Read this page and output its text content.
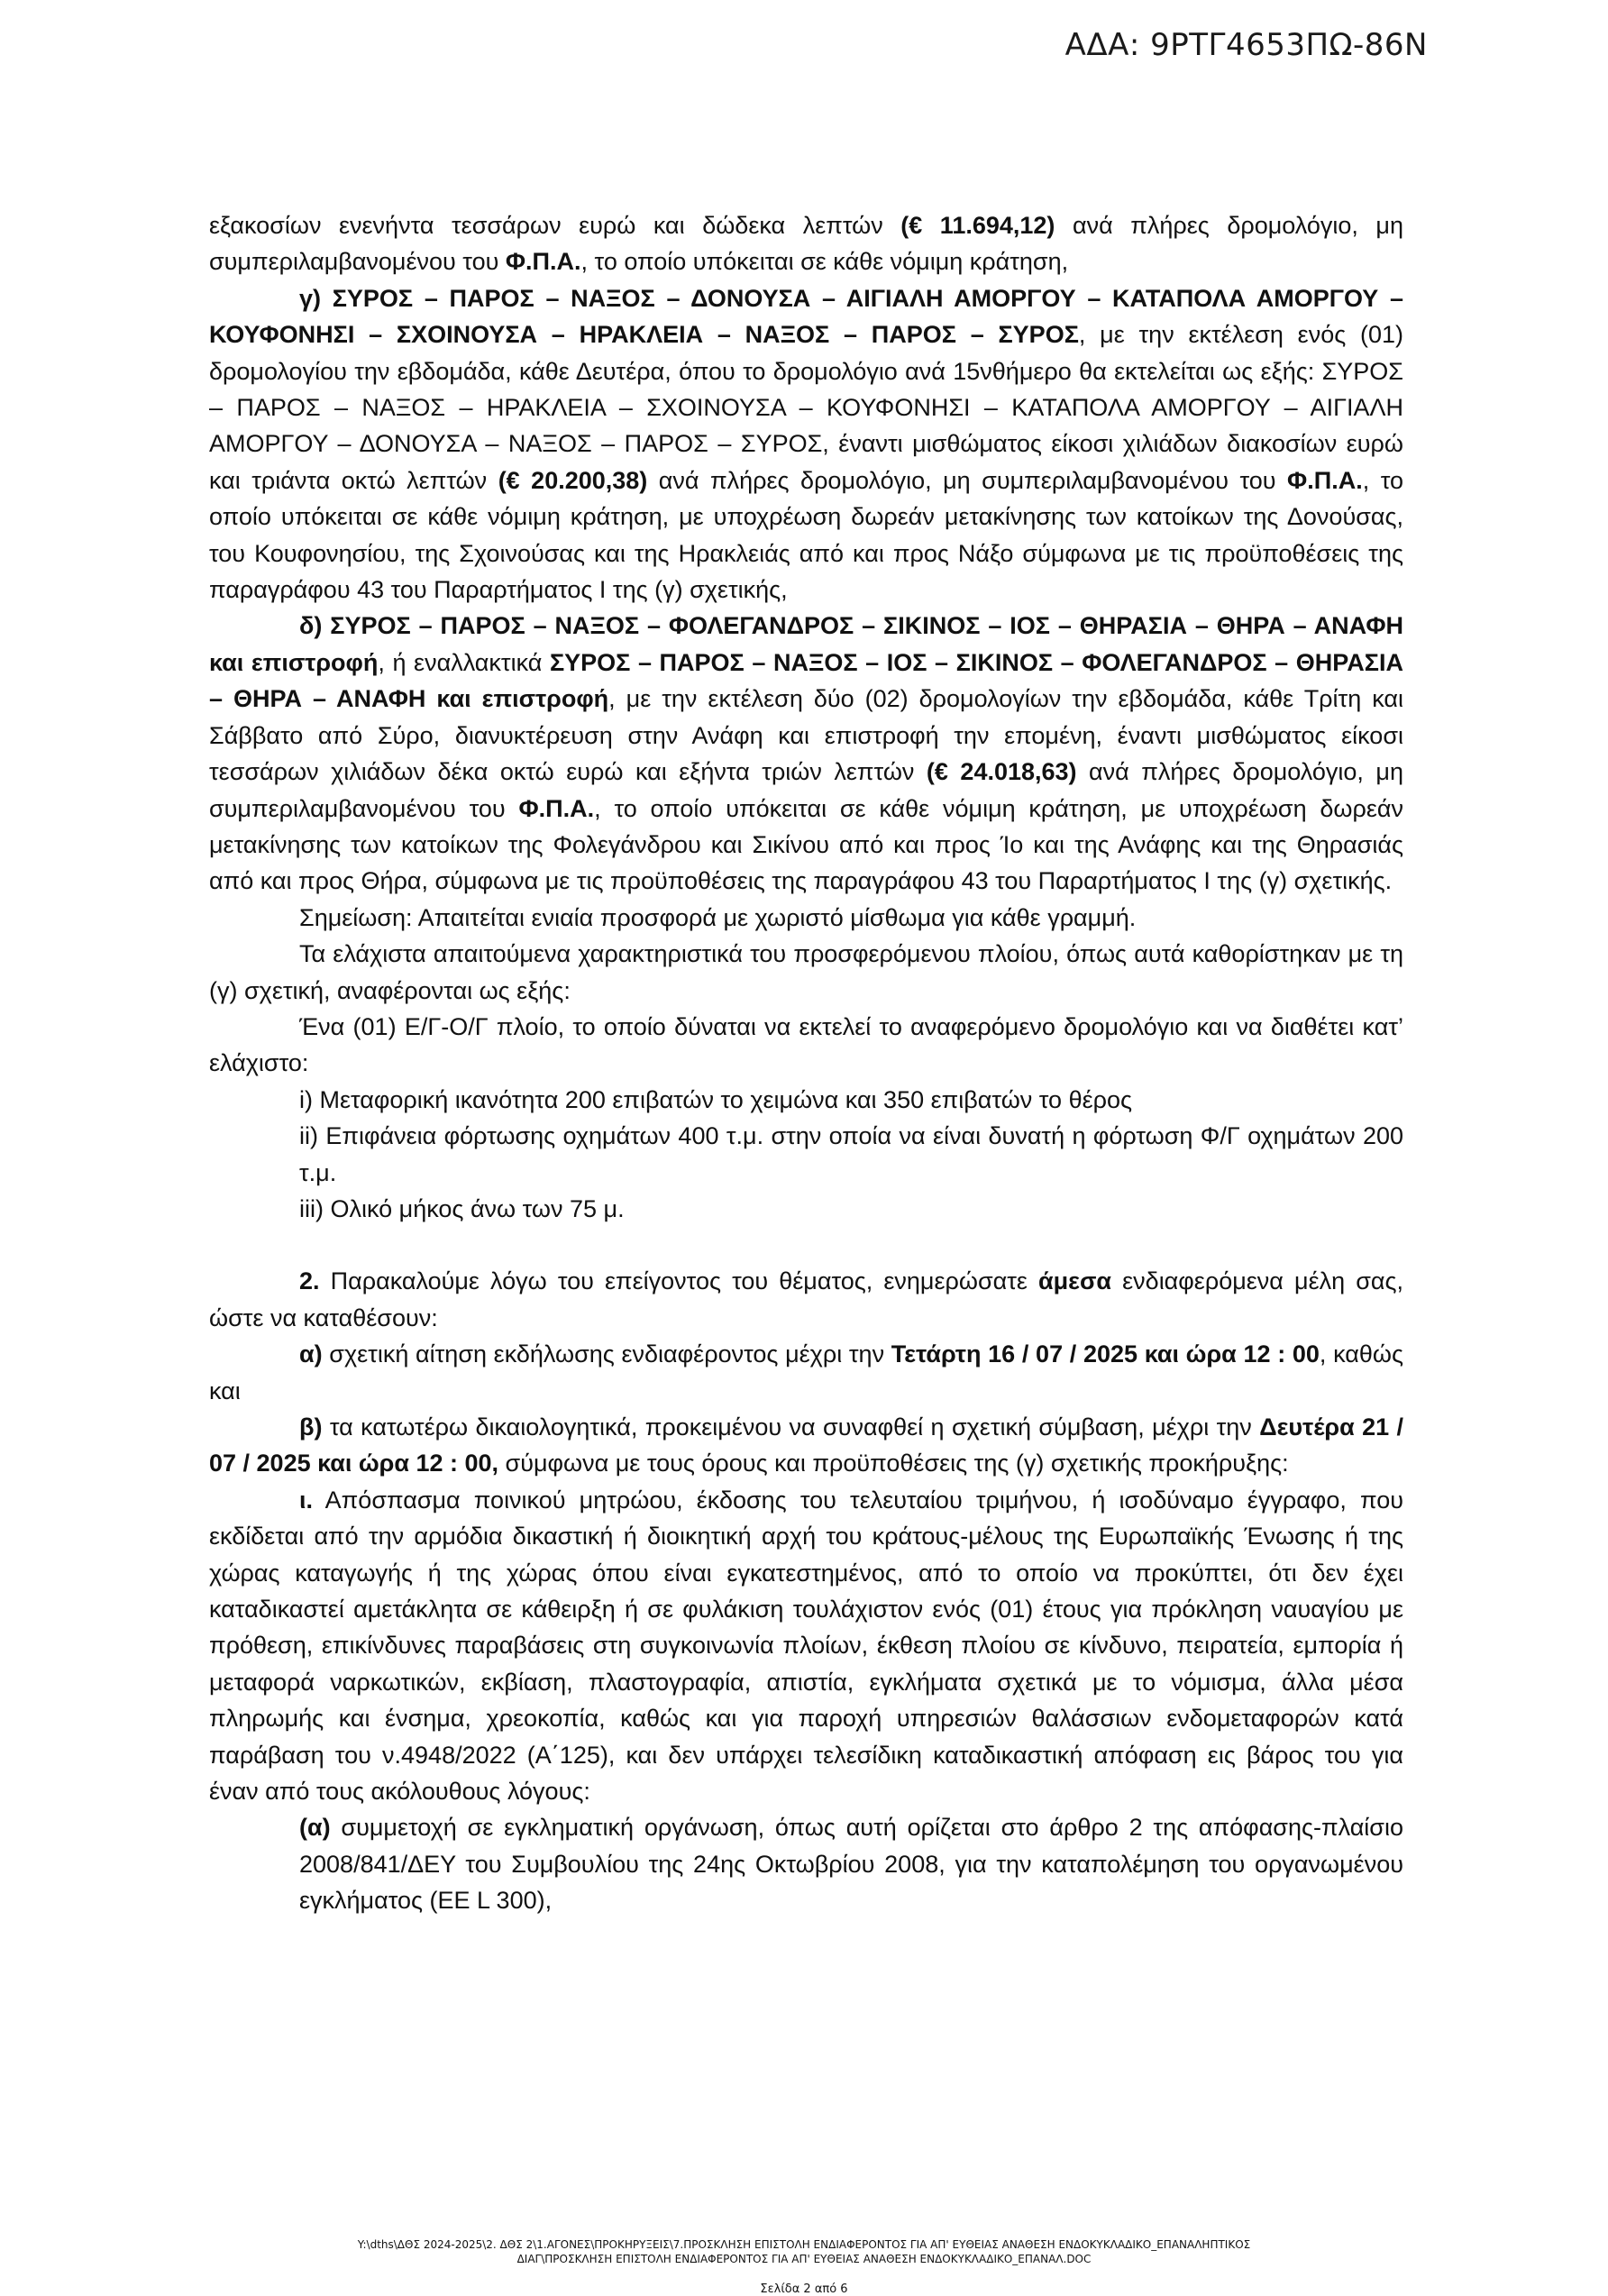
ΑΔΑ: 9ΡΤΓ4653ΠΩ-86Ν

εξακοσίων ενενήντα τεσσάρων ευρώ και δώδεκα λεπτών (€ 11.694,12) ανά πλήρες δρομολόγιο, μη συμπεριλαμβανομένου του Φ.Π.Α., το οποίο υπόκειται σε κάθε νόμιμη κράτηση,

γ) ΣΥΡΟΣ – ΠΑΡΟΣ – ΝΑΞΟΣ – ΔΟΝΟΥΣΑ – ΑΙΓΙΑΛΗ ΑΜΟΡΓΟΥ – ΚΑΤΑΠΟΛΑ ΑΜΟΡΓΟΥ – ΚΟΥΦΟΝΗΣΙ – ΣΧΟΙΝΟΥΣΑ – ΗΡΑΚΛΕΙΑ – ΝΑΞΟΣ – ΠΑΡΟΣ – ΣΥΡΟΣ, με την εκτέλεση ενός (01) δρομολογίου την εβδομάδα, κάθε Δευτέρα, όπου το δρομολόγιο ανά 15νθήμερο θα εκτελείται ως εξής: ΣΥΡΟΣ – ΠΑΡΟΣ – ΝΑΞΟΣ – ΗΡΑΚΛΕΙΑ – ΣΧΟΙΝΟΥΣΑ – ΚΟΥΦΟΝΗΣΙ – ΚΑΤΑΠΟΛΑ ΑΜΟΡΓΟΥ – ΑΙΓΙΑΛΗ ΑΜΟΡΓΟΥ – ΔΟΝΟΥΣΑ – ΝΑΞΟΣ – ΠΑΡΟΣ – ΣΥΡΟΣ, έναντι μισθώματος είκοσι χιλιάδων διακοσίων ευρώ και τριάντα οκτώ λεπτών (€ 20.200,38) ανά πλήρες δρομολόγιο, μη συμπεριλαμβανομένου του Φ.Π.Α., το οποίο υπόκειται σε κάθε νόμιμη κράτηση, με υποχρέωση δωρεάν μετακίνησης των κατοίκων της Δονούσας, του Κουφονησίου, της Σχοινούσας και της Ηρακλειάς από και προς Νάξο σύμφωνα με τις προϋποθέσεις της παραγράφου 43 του Παραρτήματος Ι της (γ) σχετικής,

δ) ΣΥΡΟΣ – ΠΑΡΟΣ – ΝΑΞΟΣ – ΦΟΛΕΓΑΝΔΡΟΣ – ΣΙΚΙΝΟΣ – ΙΟΣ – ΘΗΡΑΣΙΑ – ΘΗΡΑ – ΑΝΑΦΗ και επιστροφή, ή εναλλακτικά ΣΥΡΟΣ – ΠΑΡΟΣ – ΝΑΞΟΣ – ΙΟΣ – ΣΙΚΙΝΟΣ – ΦΟΛΕΓΑΝΔΡΟΣ – ΘΗΡΑΣΙΑ – ΘΗΡΑ – ΑΝΑΦΗ και επιστροφή, με την εκτέλεση δύο (02) δρομολογίων την εβδομάδα, κάθε Τρίτη και Σάββατο από Σύρο, διανυκτέρευση στην Ανάφη και επιστροφή την επομένη, έναντι μισθώματος είκοσι τεσσάρων χιλιάδων δέκα οκτώ ευρώ και εξήντα τριών λεπτών (€ 24.018,63) ανά πλήρες δρομολόγιο, μη συμπεριλαμβανομένου του Φ.Π.Α., το οποίο υπόκειται σε κάθε νόμιμη κράτηση, με υποχρέωση δωρεάν μετακίνησης των κατοίκων της Φολεγάνδρου και Σικίνου από και προς Ίο και της Ανάφης και της Θηρασιάς από και προς Θήρα, σύμφωνα με τις προϋποθέσεις της παραγράφου 43 του Παραρτήματος Ι της (γ) σχετικής.

Σημείωση: Απαιτείται ενιαία προσφορά με χωριστό μίσθωμα για κάθε γραμμή.

Τα ελάχιστα απαιτούμενα χαρακτηριστικά του προσφερόμενου πλοίου, όπως αυτά καθορίστηκαν με τη (γ) σχετική, αναφέρονται ως εξής:

Ένα (01) Ε/Γ-Ο/Γ πλοίο, το οποίο δύναται να εκτελεί το αναφερόμενο δρομολόγιο και να διαθέτει κατ’ ελάχιστο:

i) Μεταφορική ικανότητα 200 επιβατών το χειμώνα και 350 επιβατών το θέρος

ii) Επιφάνεια φόρτωσης οχημάτων 400 τ.μ. στην οποία να είναι δυνατή η φόρτωση Φ/Γ οχημάτων 200 τ.μ.

iii) Ολικό μήκος άνω των 75 μ.

2. Παρακαλούμε λόγω του επείγοντος του θέματος, ενημερώσατε άμεσα ενδιαφερόμενα μέλη σας, ώστε να καταθέσουν:

α) σχετική αίτηση εκδήλωσης ενδιαφέροντος μέχρι την Τετάρτη 16 / 07 / 2025 και ώρα 12 : 00, καθώς και

β) τα κατωτέρω δικαιολογητικά, προκειμένου να συναφθεί η σχετική σύμβαση, μέχρι την Δευτέρα 21 / 07 / 2025 και ώρα 12 : 00, σύμφωνα με τους όρους και προϋποθέσεις της (γ) σχετικής προκήρυξης:

ι. Απόσπασμα ποινικού μητρώου, έκδοσης του τελευταίου τριμήνου, ή ισοδύναμο έγγραφο, που εκδίδεται από την αρμόδια δικαστική ή διοικητική αρχή του κράτους-μέλους της Ευρωπαϊκής Ένωσης ή της χώρας καταγωγής ή της χώρας όπου είναι εγκατεστημένος, από το οποίο να προκύπτει, ότι δεν έχει καταδικαστεί αμετάκλητα σε κάθειρξη ή σε φυλάκιση τουλάχιστον ενός (01) έτους για πρόκληση ναυαγίου με πρόθεση, επικίνδυνες παραβάσεις στη συγκοινωνία πλοίων, έκθεση πλοίου σε κίνδυνο, πειρατεία, εμπορία ή μεταφορά ναρκωτικών, εκβίαση, πλαστογραφία, απιστία, εγκλήματα σχετικά με το νόμισμα, άλλα μέσα πληρωμής και ένσημα, χρεοκοπία, καθώς και για παροχή υπηρεσιών θαλάσσιων ενδομεταφορών κατά παράβαση του ν.4948/2022 (Α΄125), και δεν υπάρχει τελεσίδικη καταδικαστική απόφαση εις βάρος του για έναν από τους ακόλουθους λόγους:

(α) συμμετοχή σε εγκληματική οργάνωση, όπως αυτή ορίζεται στο άρθρο 2 της απόφασης-πλαίσιο 2008/841/ΔΕΥ του Συμβουλίου της 24ης Οκτωβρίου 2008, για την καταπολέμηση του οργανωμένου εγκλήματος (ΕΕ L 300),

Y:\dths\ΔΘΣ 2024-2025\2. ΔΘΣ 2\1.ΑΓΟΝΕΣ\ΠΡΟΚΗΡΥΞΕΙΣ\7.ΠΡΟΣΚΛΗΣΗ ΕΠΙΣΤΟΛΗ ΕΝΔΙΑΦΕΡΟΝΤΟΣ ΓΙΑ ΑΠ' ΕΥΘΕΙΑΣ ΑΝΑΘΕΣΗ ΕΝΔΟΚΥΚΛΑΔΙΚΟ_ΕΠΑΝΑΛΗΠΤΙΚΟΣ
ΔΙΑΓ\ΠΡΟΣΚΛΗΣΗ ΕΠΙΣΤΟΛΗ ΕΝΔΙΑΦΕΡΟΝΤΟΣ ΓΙΑ ΑΠ' ΕΥΘΕΙΑΣ ΑΝΑΘΕΣΗ ΕΝΔΟΚΥΚΛΑΔΙΚΟ_ΕΠΑΝΑΛ.DOC
Σελίδα 2 από 6
